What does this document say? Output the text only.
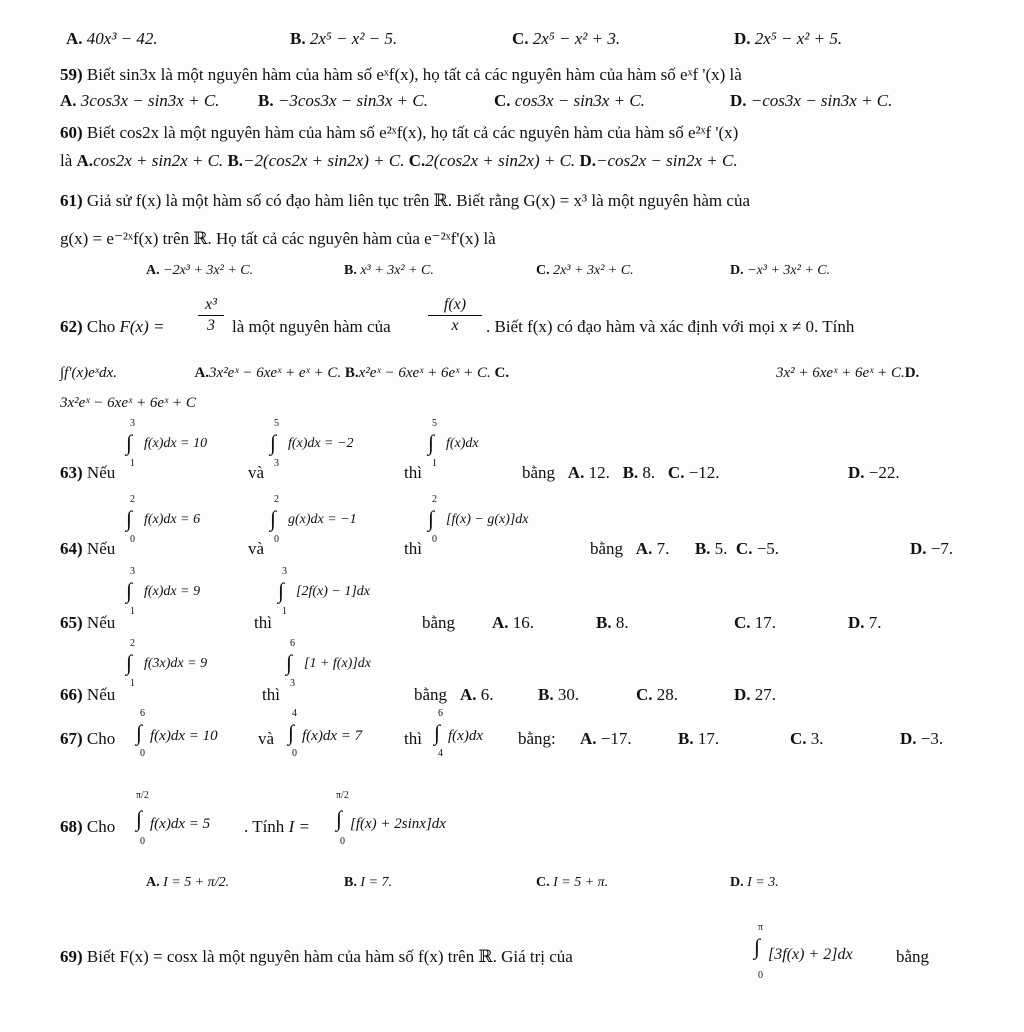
A. 40x³ − 42.	B. 2x⁵ − x² − 5.	C. 2x⁵ − x² + 3.	D. 2x⁵ − x² + 5.
59) Biết sin3x là một nguyên hàm của hàm số eˣf(x), họ tất cả các nguyên hàm của hàm số eˣf '(x) là
A. 3cos3x − sin3x + C. B. −3cos3x − sin3x + C.	C. cos3x − sin3x + C.	D. −cos3x − sin3x + C.
60) Biết cos2x là một nguyên hàm của hàm số e²ˣf(x), họ tất cả các nguyên hàm của hàm số e²ˣf '(x)
là A.cos2x + sin2x + C. B.−2(cos2x + sin2x) + C. C.2(cos2x + sin2x) + C. D.−cos2x − sin2x + C.
61) Giả sử f(x) là một hàm số có đạo hàm liên tục trên ℝ. Biết rằng G(x) = x³ là một nguyên hàm của
g(x) = e⁻²ˣf(x) trên ℝ. Họ tất cả các nguyên hàm của e⁻²ˣf'(x) là
A. −2x³ + 3x² + C.	B. x³ + 3x² + C.	C. 2x³ + 3x² + C.	D. −x³ + 3x² + C.
62) Cho F(x) =
x³
3	là một nguyên hàm của
f(x)
x	. Biết f(x) có đạo hàm và xác định với mọi x ≠ 0. Tính
∫f'(x)eˣdx.	A.3x²eˣ − 6xeˣ + eˣ + C. B.x²eˣ − 6xeˣ + 6eˣ + C. C.	3x² + 6xeˣ + 6eˣ + C.D.
3x²eˣ − 6xeˣ + 6eˣ + C
63) Nếu
3
∫
1
f(x)dx = 10
và
5
∫
3
f(x)dx = −2
thì
5
∫
1
f(x)dx
bằng A. 12. B. 8. C. −12.	D. −22.
64) Nếu
2
∫
0
f(x)dx = 6
và
2
∫
0
g(x)dx = −1
thì
2
∫
0
[f(x) − g(x)]dx
bằng A. 7. B. 5. C. −5.	D. −7.
65) Nếu
3
∫
1
f(x)dx = 9
thì
3
∫
1
[2f(x) − 1]dx
bằng A. 16.	B. 8.	C. 17.	D. 7.
66) Nếu
2
∫
1
f(3x)dx = 9
thì
6
∫
3
[1 + f(x)]dx
bằng A. 6.	B. 30.	C. 28.	D. 27.
67) Cho
6
∫
0
f(x)dx = 10 và
4
∫
0
f(x)dx = 7 thì
6
∫
4
f(x)dx bằng: A. −17.	B. 17.	C. 3.	D. −3.
68) Cho
π/2
∫
0
f(x)dx = 5 . Tính I =
π/2
∫
0
[f(x) + 2sinx]dx
A. I = 5 + π/2.	B. I = 7.	C. I = 5 + π.	D. I = 3.
69) Biết F(x) = cosx là một nguyên hàm của hàm số f(x) trên ℝ. Giá trị của
π
∫
0
[3f(x) + 2]dx	bằng
